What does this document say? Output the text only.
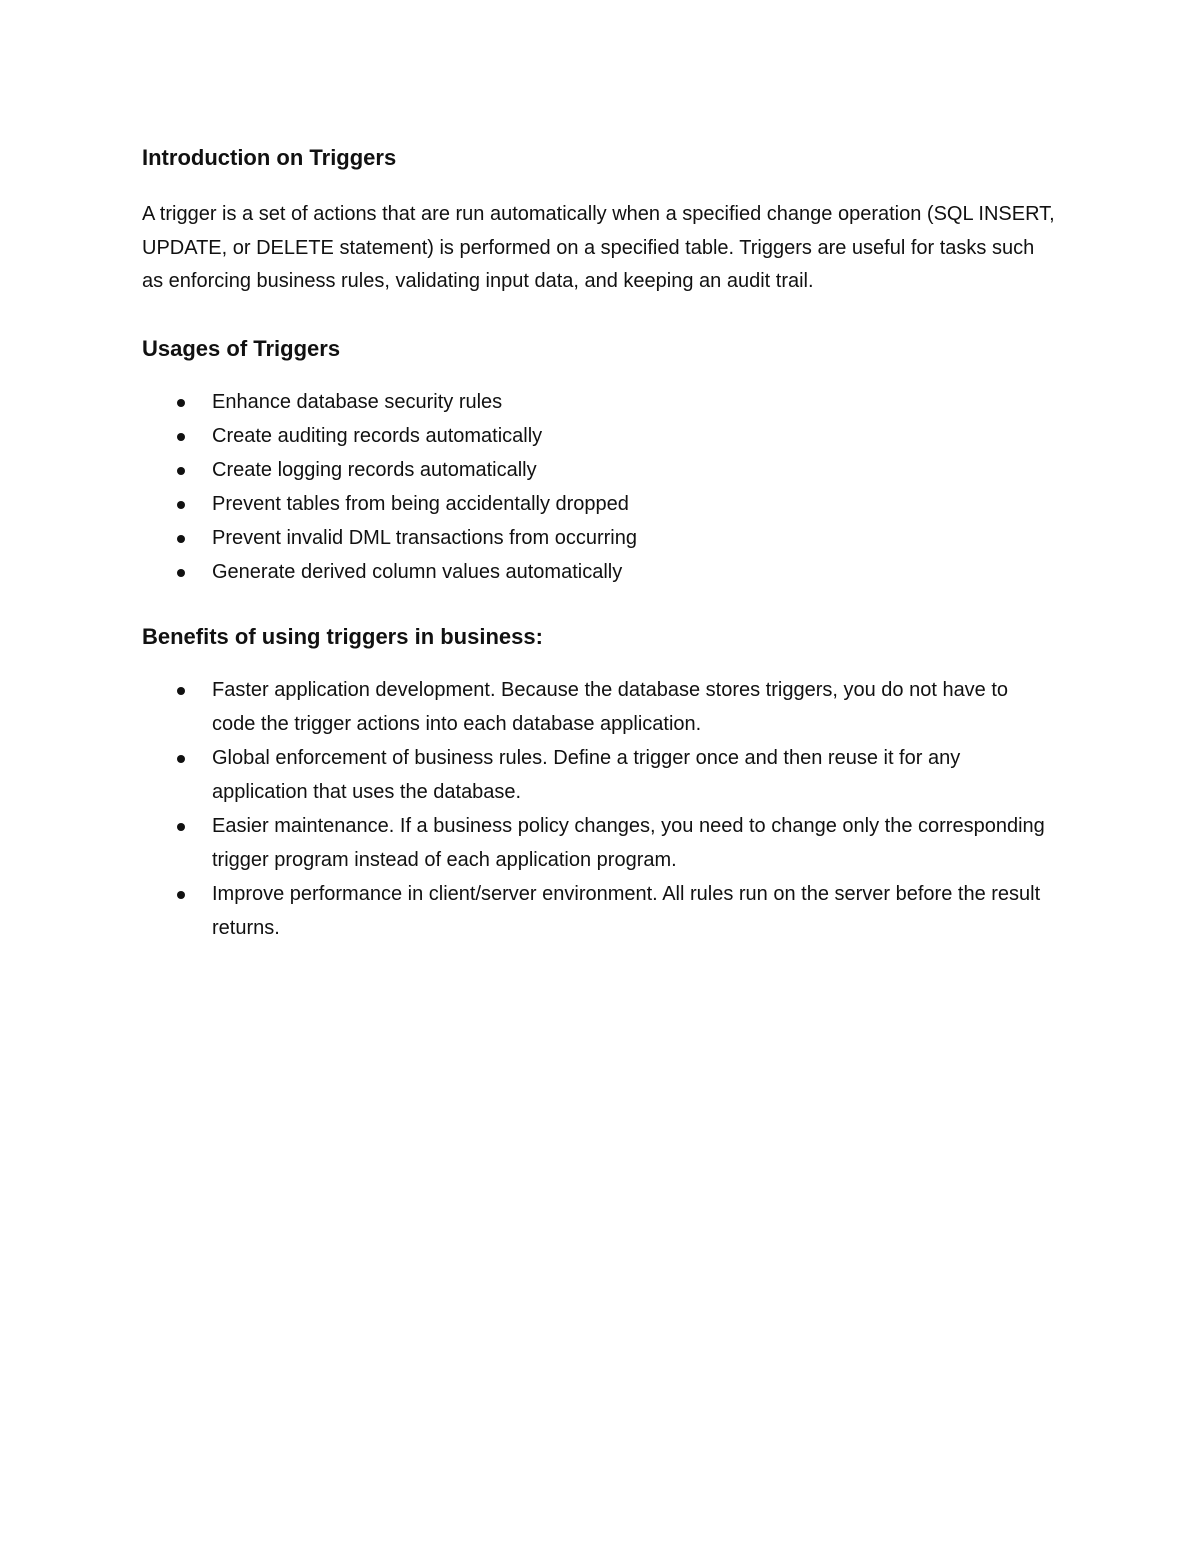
Introduction on Triggers

A trigger is a set of actions that are run automatically when a specified change operation (SQL INSERT, UPDATE, or DELETE statement) is performed on a specified table. Triggers are useful for tasks such as enforcing business rules, validating input data, and keeping an audit trail.

Usages of Triggers
Enhance database security rules
Create auditing records automatically
Create logging records automatically
Prevent tables from being accidentally dropped
Prevent invalid DML transactions from occurring
Generate derived column values automatically
Benefits of using triggers in business:
Faster application development. Because the database stores triggers, you do not have to code the trigger actions into each database application.
Global enforcement of business rules. Define a trigger once and then reuse it for any application that uses the database.
Easier maintenance. If a business policy changes, you need to change only the corresponding trigger program instead of each application program.
Improve performance in client/server environment. All rules run on the server before the result returns.
